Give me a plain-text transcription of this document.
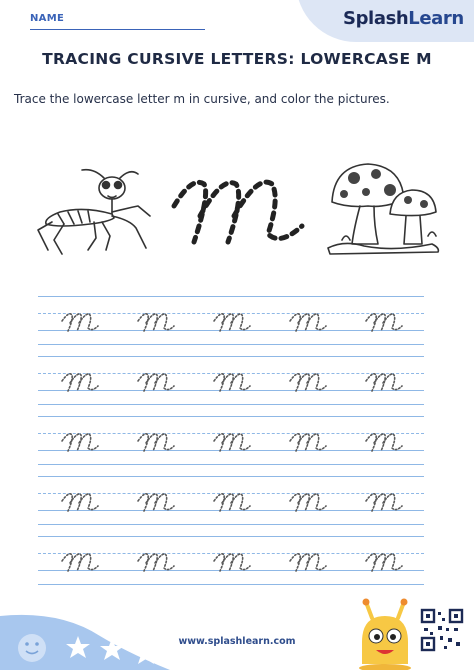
NAME	SplashLearn
TRACING CURSIVE LETTERS: LOWERCASE M
Trace the lowercase letter m in cursive, and color the pictures.
www.splashlearn.com
